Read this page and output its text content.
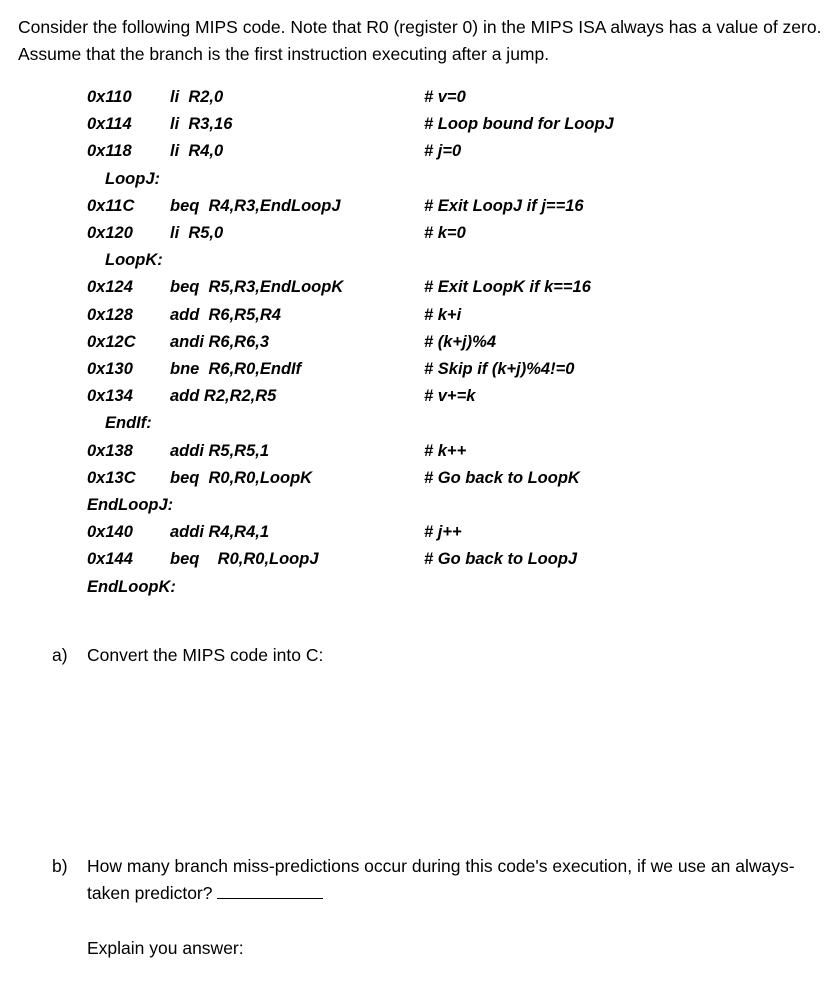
Consider the following MIPS code. Note that R0 (register 0) in the MIPS ISA always has a value of zero. Assume that the branch is the first instruction executing after a jump.
0x110 li  R2,0	# v=0
0x114 li  R3,16	# Loop bound for LoopJ
0x118 li  R4,0	# j=0
LoopJ:
0x11C beq  R4,R3,EndLoopJ	# Exit LoopJ if j==16
0x120 li  R5,0	# k=0
LoopK:
0x124 beq  R5,R3,EndLoopK	# Exit LoopK if k==16
0x128 add  R6,R5,R4	# k+i
0x12C andi R6,R6,3	# (k+j)%4
0x130 bne  R6,R0,EndIf	# Skip if (k+j)%4!=0
0x134 add R2,R2,R5	# v+=k
EndIf:
0x138 addi R5,R5,1	# k++
0x13C beq  R0,R0,LoopK	# Go back to LoopK
EndLoopJ:
0x140 addi R4,R4,1	# j++
0x144 beq    R0,R0,LoopJ	# Go back to LoopJ
EndLoopK:
a) Convert the MIPS code into C:
b) How many branch miss-predictions occur during this code's execution, if we use an always-taken predictor?
Explain you answer:
